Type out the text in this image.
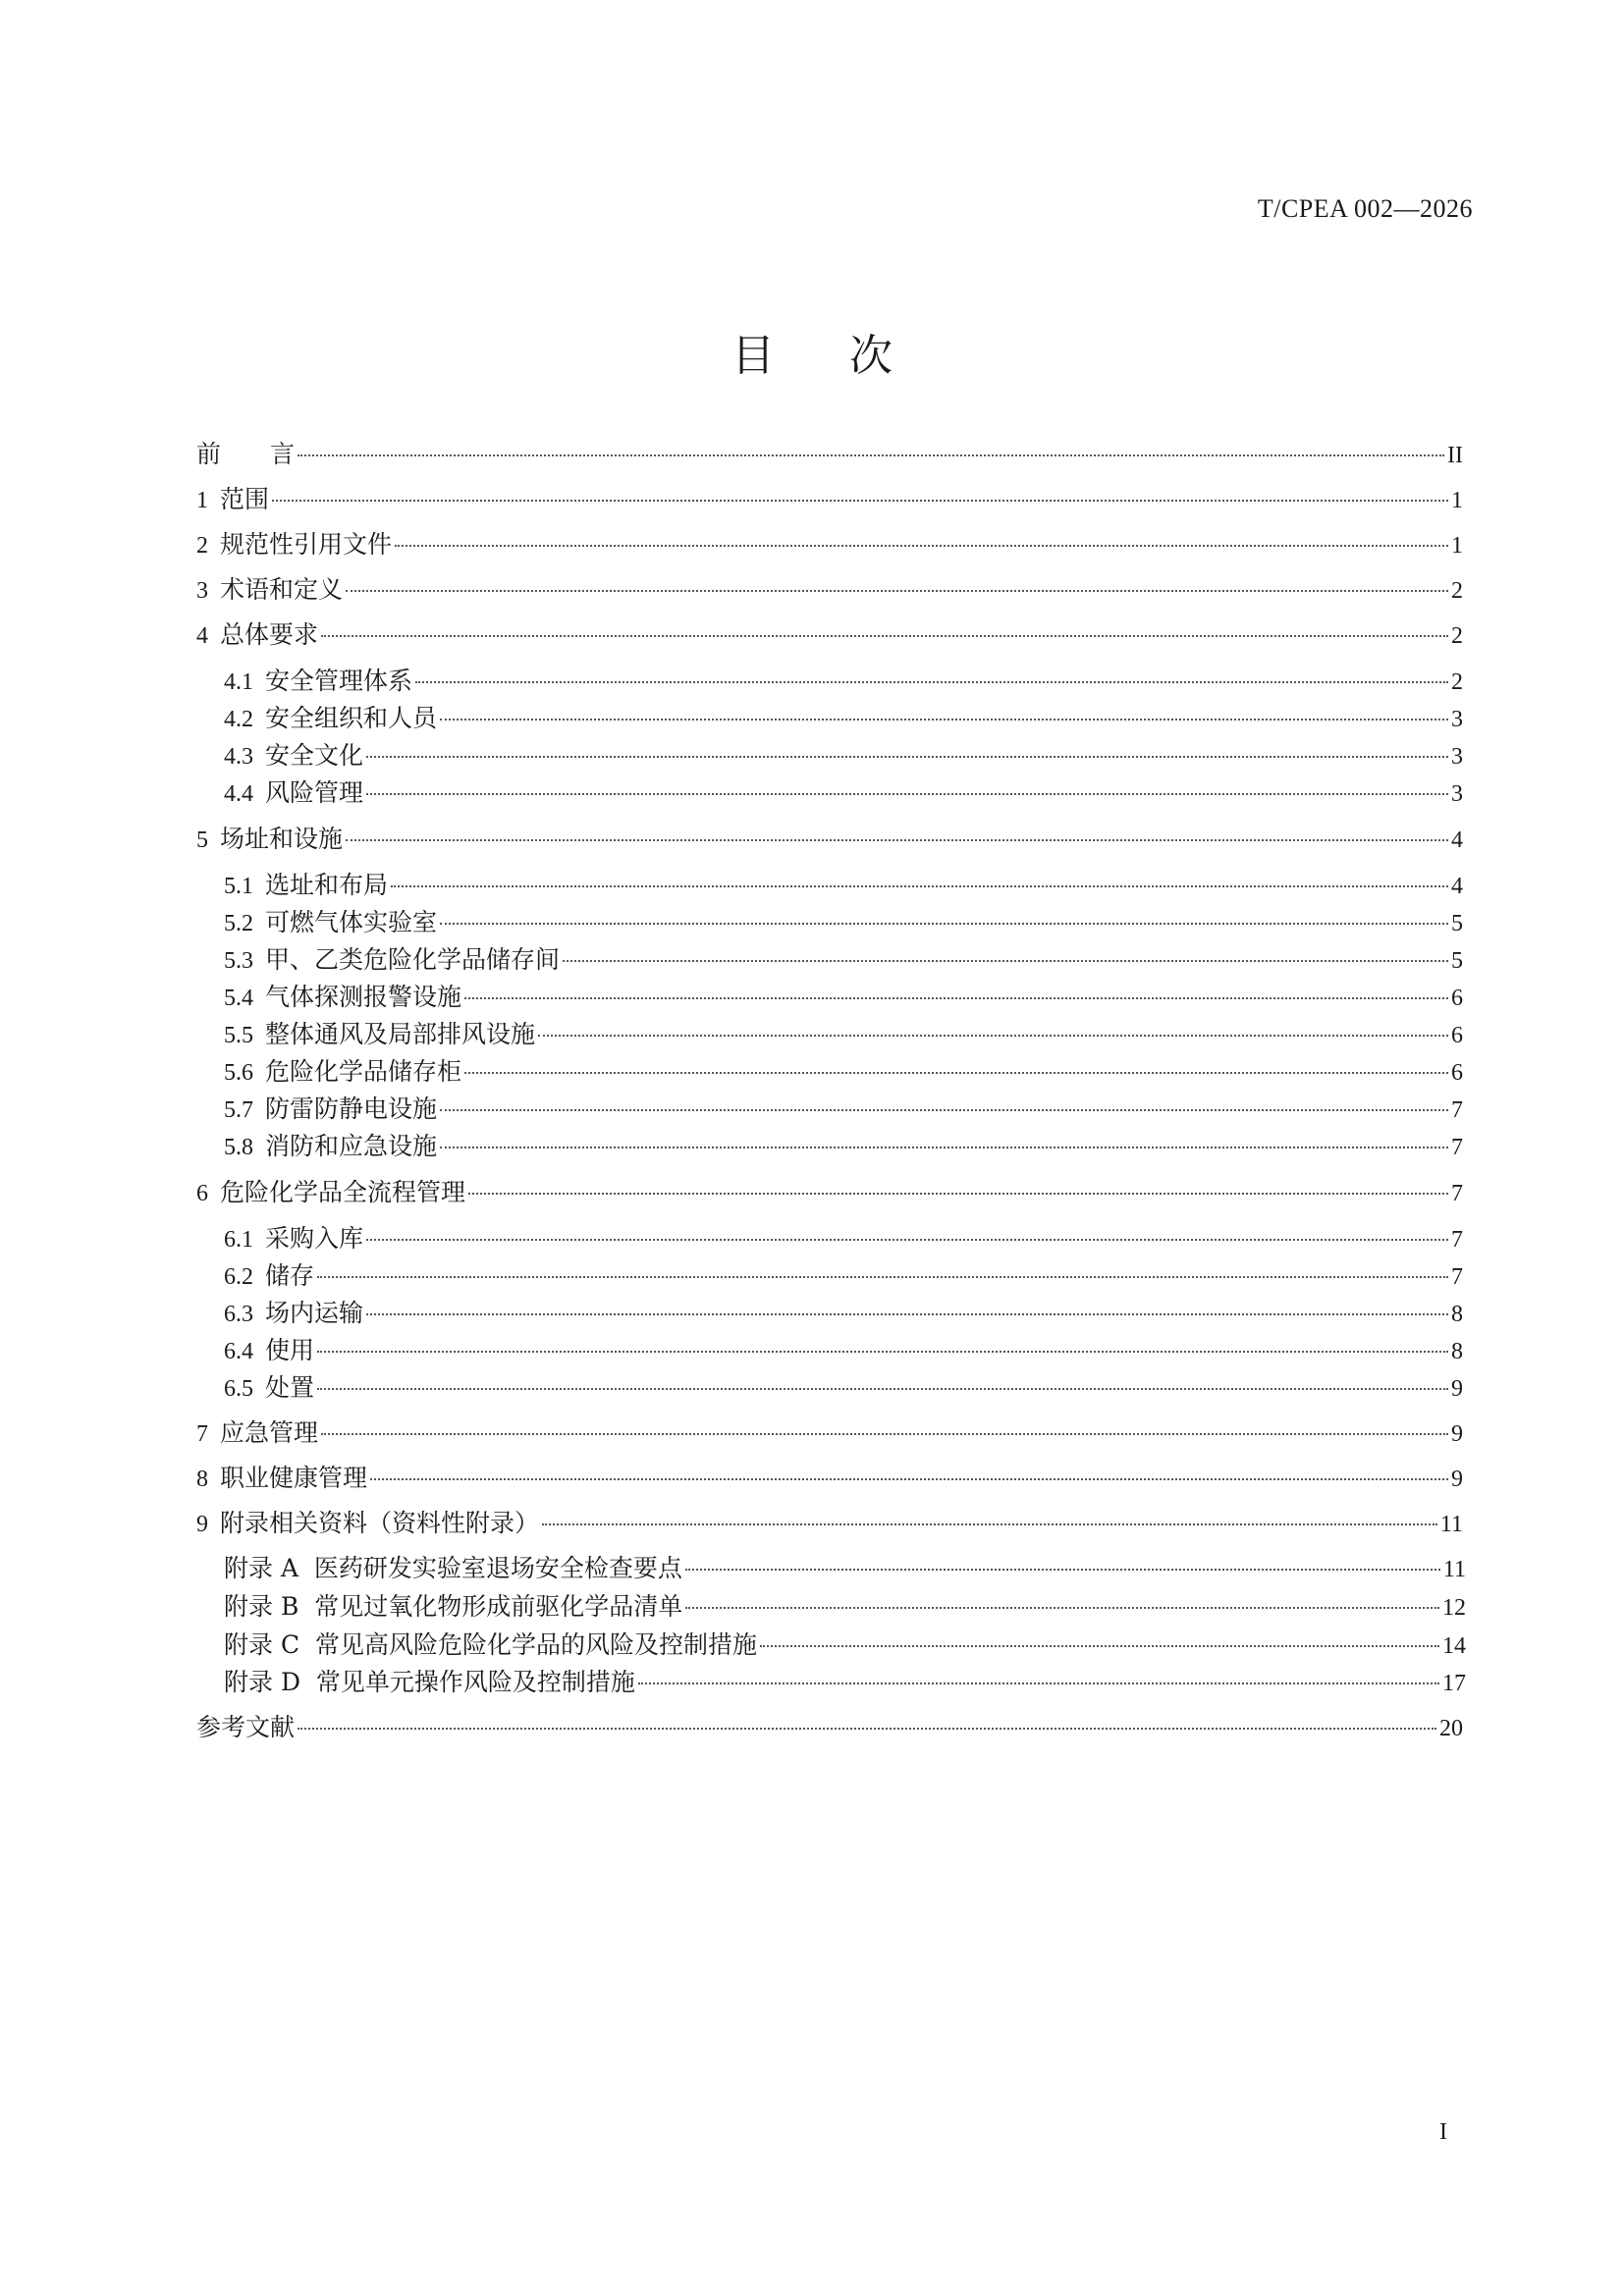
T/CPEA 002—2026
目 次
前　　言	II
1 范围	1
2 规范性引用文件	1
3 术语和定义	2
4 总体要求	2
4.1 安全管理体系	2
4.2 安全组织和人员	3
4.3 安全文化	3
4.4 风险管理	3
5 场址和设施	4
5.1 选址和布局	4
5.2 可燃气体实验室	5
5.3 甲、乙类危险化学品储存间	5
5.4 气体探测报警设施	6
5.5 整体通风及局部排风设施	6
5.6 危险化学品储存柜	6
5.7 防雷防静电设施	7
5.8 消防和应急设施	7
6 危险化学品全流程管理	7
6.1 采购入库	7
6.2 储存	7
6.3 场内运输	8
6.4 使用	8
6.5 处置	9
7 应急管理	9
8 职业健康管理	9
9 附录相关资料（资料性附录）	11
附录 A  医药研发实验室退场安全检查要点	11
附录 B  常见过氧化物形成前驱化学品清单	12
附录 C  常见高风险危险化学品的风险及控制措施	14
附录 D  常见单元操作风险及控制措施	17
参考文献	20
I
